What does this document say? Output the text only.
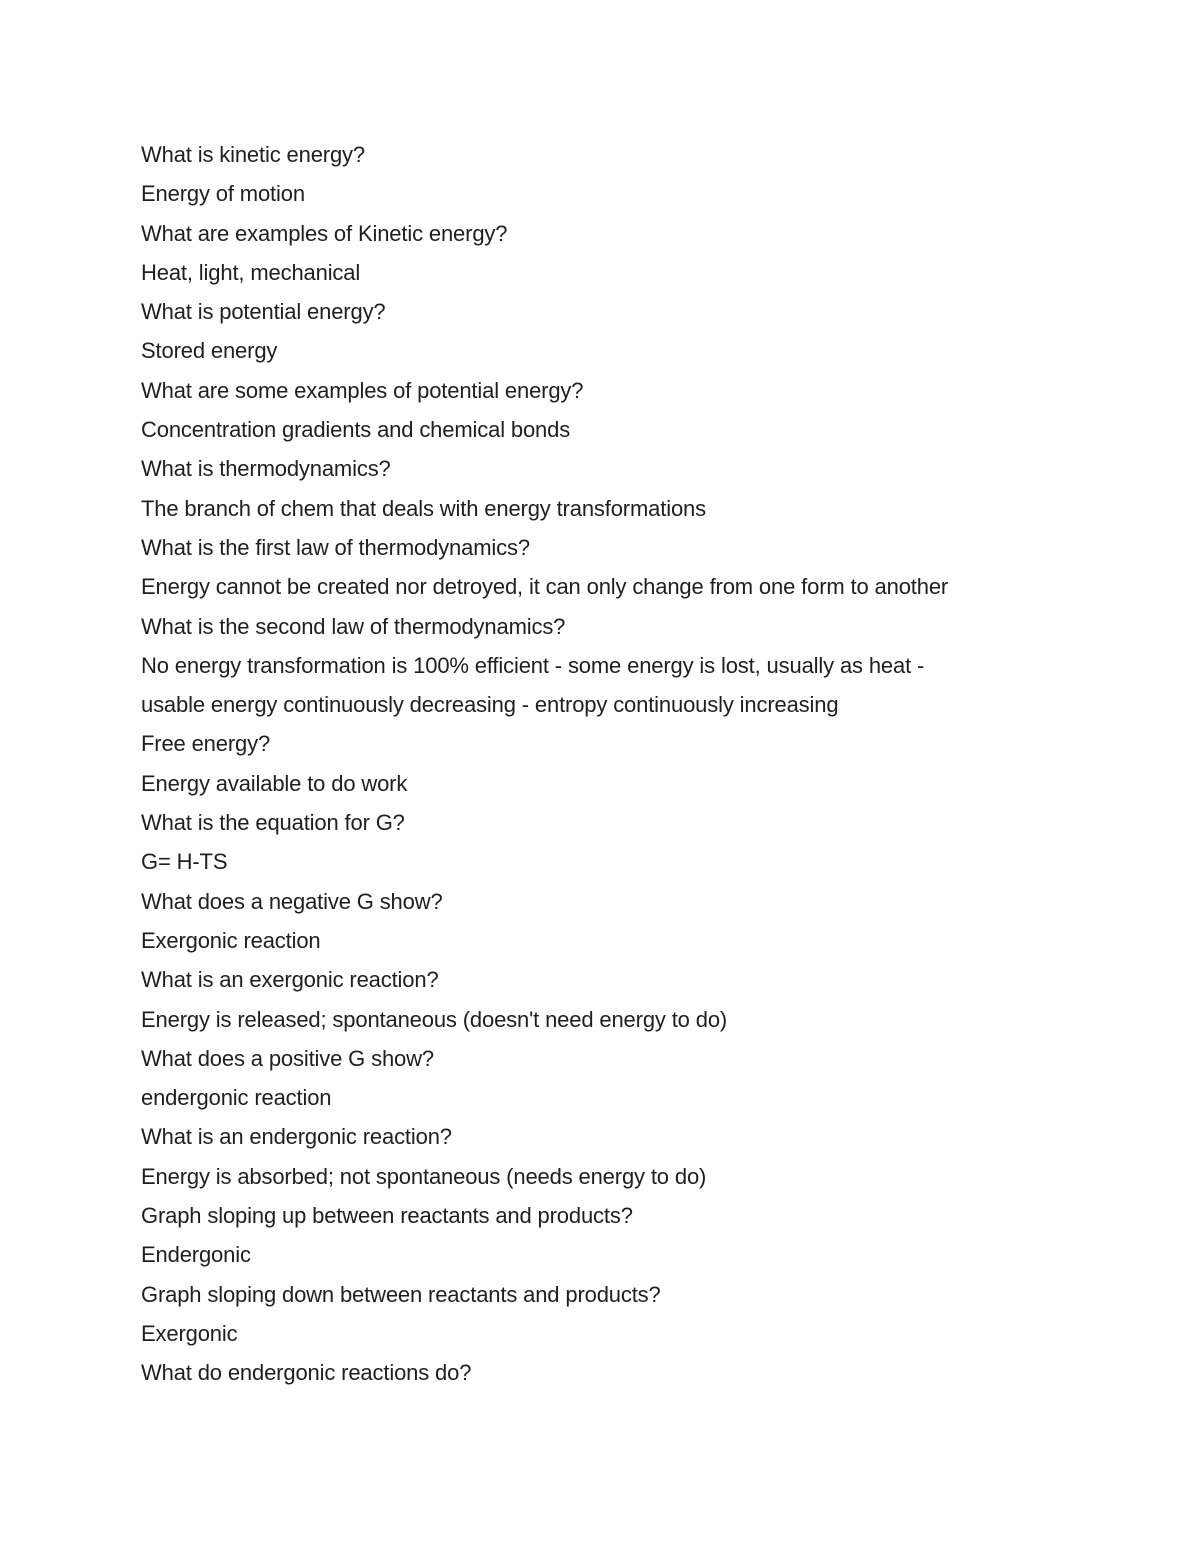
What is kinetic energy?
Energy of motion
What are examples of Kinetic energy?
Heat, light, mechanical
What is potential energy?
Stored energy
What are some examples of potential energy?
Concentration gradients and chemical bonds
What is thermodynamics?
The branch of chem that deals with energy transformations
What is the first law of thermodynamics?
Energy cannot be created nor detroyed, it can only change from one form to another
What is the second law of thermodynamics?
No energy transformation is 100% efficient - some energy is lost, usually as heat -
usable energy continuously decreasing - entropy continuously increasing
Free energy?
Energy available to do work
What is the equation for G?
G= H-TS
What does a negative G show?
Exergonic reaction
What is an exergonic reaction?
Energy is released; spontaneous (doesn't need energy to do)
What does a positive G show?
endergonic reaction
What is an endergonic reaction?
Energy is absorbed; not spontaneous (needs energy to do)
Graph sloping up between reactants and products?
Endergonic
Graph sloping down between reactants and products?
Exergonic
What do endergonic reactions do?
